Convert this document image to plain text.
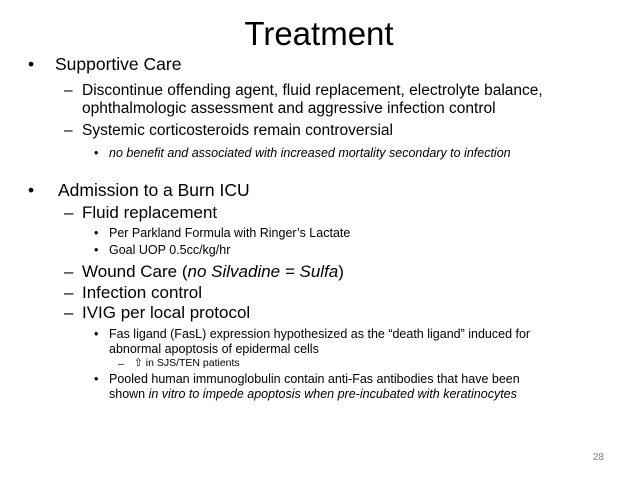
Treatment
• Supportive Care
– Discontinue offending agent, fluid replacement, electrolyte balance,
ophthalmologic assessment and aggressive infection control
– Systemic corticosteroids remain controversial
• no benefit and associated with increased mortality secondary to infection
• Admission to a Burn ICU
– Fluid replacement
• Per Parkland Formula with Ringer’s Lactate
• Goal UOP 0.5cc/kg/hr
– Wound Care (no Silvadine = Sulfa)
– Infection control
– IVIG per local protocol
• Fas ligand (FasL) expression hypothesized as the “death ligand” induced for
abnormal apoptosis of epidermal cells
– ⇧ in SJS/TEN patients
• Pooled human immunoglobulin contain anti-Fas antibodies that have been
shown in vitro to impede apoptosis when pre-incubated with keratinocytes
28
